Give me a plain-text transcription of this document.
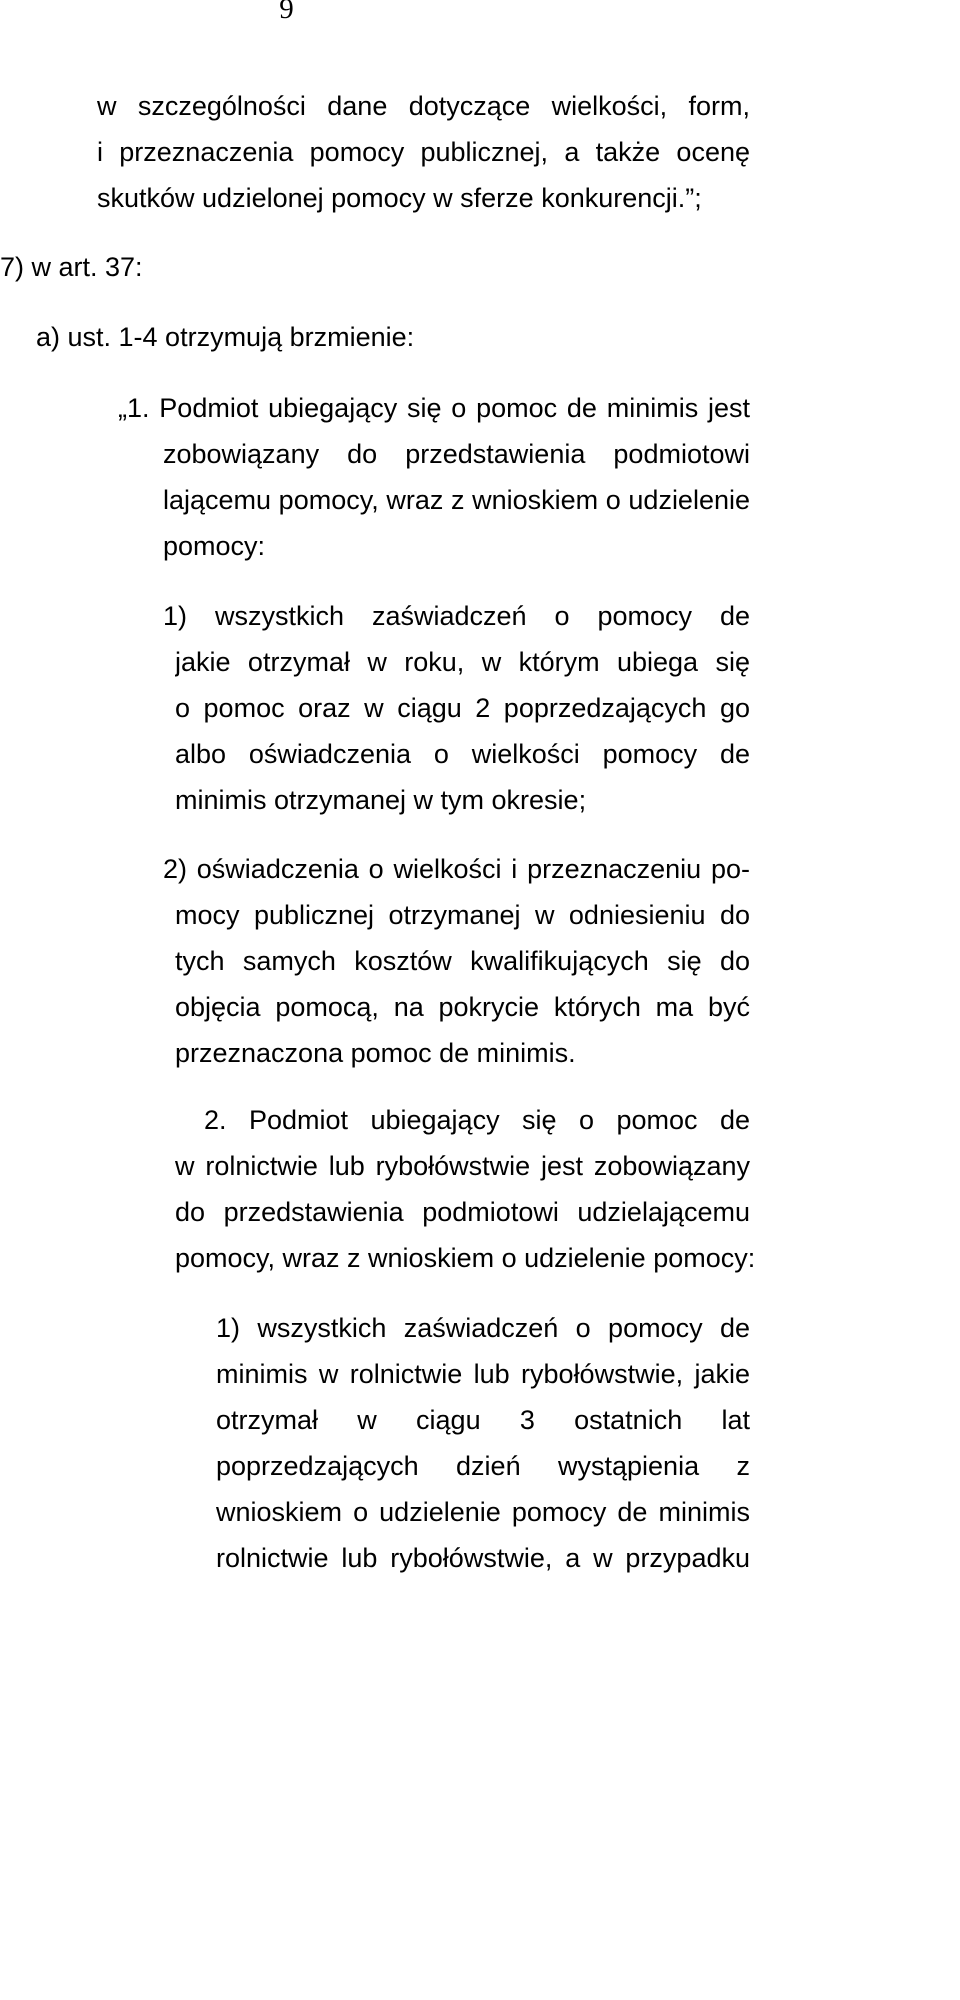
9
w szczególności dane dotyczące wielkości, form,
i przeznaczenia pomocy publicznej, a także ocenę
skutków udzielonej pomocy w sferze konkurencji.”;
7) w art. 37:
a) ust. 1-4 otrzymują brzmienie:
„1. Podmiot ubiegający się o pomoc de minimis jest
zobowiązany do przedstawienia podmiotowi
lającemu pomocy, wraz z wnioskiem o udzielenie
pomocy:
1) wszystkich zaświadczeń o pomocy de
jakie otrzymał w roku, w którym ubiega się
o pomoc oraz w ciągu 2 poprzedzających go
albo oświadczenia o wielkości pomocy de
minimis otrzymanej w tym okresie;
2) oświadczenia o wielkości i przeznaczeniu po-
mocy publicznej otrzymanej w odniesieniu do
tych samych kosztów kwalifikujących się do
objęcia pomocą, na pokrycie których ma być
przeznaczona pomoc de minimis.
2. Podmiot ubiegający się o pomoc de
w rolnictwie lub rybołówstwie jest zobowiązany
do przedstawienia podmiotowi udzielającemu
pomocy, wraz z wnioskiem o udzielenie pomocy:
1) wszystkich zaświadczeń o pomocy de
minimis w rolnictwie lub rybołówstwie, jakie
otrzymał w ciągu 3 ostatnich lat
poprzedzających dzień wystąpienia z
wnioskiem o udzielenie pomocy de minimis
rolnictwie lub rybołówstwie, a w przypadku
